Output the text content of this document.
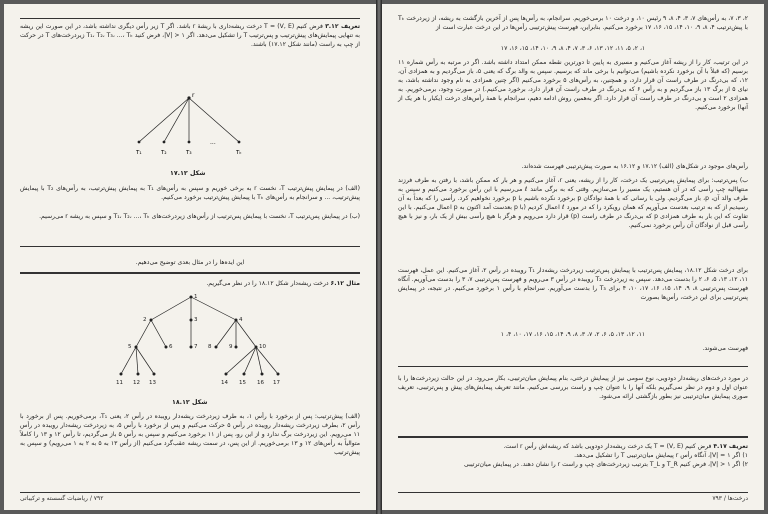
تعریف ۳.۱۲ فرض کنیم (T = (V, E درخت ریشه‌داری با ریشهٔ r باشد. اگر T زیر رأس دیگری نداشته باشد، در این صورت این ریشه به تنهایی پیمایش‌های پیش‌ترتیب و پس‌ترتیب T را تشکیل می‌دهد. اگر ۱ < |V|، فرض کنید T₁، T₂، T₃، ...، Tₖ زیردرخت‌های T در حرکت از چپ به راست (مانند شکل ۱۷.۱۲) باشند.

r
T₁	T₂	T₃
...
Tₖ
شکل ۱۷.۱۲

(الف) در پیمایش پیش‌ترتیب T، نخست r به برخی خوریم و سپس به رأس‌های T₁ به پیمایش پیش‌ترتیب، به رأس‌های T₂ با پیمایش پیش‌ترتیب، ... و سرانجام به رأس‌های Tₖ با پیمایش پیش‌ترتیب برخورد می‌کنیم.

(ب) در پیمایش پس‌ترتیب T، نخست با پیمایش پس‌ترتیب از رأس‌های زیردرخت‌های T₁، T₂، ...، Tₖ و سپس به ریشه r می‌رسیم.

این ایده‌ها را در مثال بعدی توضیح می‌دهیم.

مثال ۶.۱۲ درخت ریشه‌دار شکل ۱۸.۱۲ را در نظر می‌گیریم.

1
2	3	4
5	6	7 8	9	10
11 12 13	14 15 16 17
شکل ۱۸.۱۲

(الف) پیش‌ترتیب: پس از برخورد با رأس ۱، به طرف زیردرخت ریشه‌دار رویبده در رأس ۲، یعنی T₁، برمی‌خوریم. پس از برخورد با رأس ۲، بطرف زیردرخت ریشه‌دار رویبده در رأس ۵ حرکت می‌کنیم و پس از برخورد با رأس ۵، به زیردرخت ریشه‌دار رویبده در رأس ۱۱ می‌رویم. این زیردرخت برگ ندارد و از این رو، پس از ۱۱ برخورد می‌کنیم و سپس به رأس ۵ باز می‌گردیم، تا رأس ۱۲ و ۱۳ را کاملاً متوالیاً به رأس‌های ۱۲ و ۱۳ برمی‌خوریم. از این پس، در سمت ریشه عقب‌گرد می‌کنیم (از رأس ۱۳ به ۵ به ۲ به ۱ می‌رویم) و سپس به پیش‌ترتیب

۷۹۲ / ریاضیات گسسته و ترکیباتی

۲، ۳، ۷، به رأس‌های ۷، ۳، ۴، ۸، ۹ رئیس ۱۰، و درخت ۱۰ برمی‌خوریم. سرانجام، به رأس‌ها پس از آخرین بازگشت به ریشه، از زیردرخت Tₖ با پیش‌ترتیب ۴، ۸، ۹، ۱۰، ۱۴، ۱۵، ۱۶، ۱۷ برخورد می‌کنیم. بنابراین، فهرست پیش‌ترتیبی رأس‌ها در این درخت عبارت است از

۱، ۲، ۵، ۱۱، ۱۲، ۱۳، ۶، ۳، ۷، ۴، ۸، ۹، ۱۰، ۱۴، ۱۵، ۱۶، ۱۷

در این ترتیب، کار را از ریشه آغاز می‌کنیم و مسیری به پایین تا دورترین نقطه ممکن امتداد داشته باشد. اگر در مرتبه به رأس شماره ۱۱ برسیم (که قبلاً با آن برخورد نکرده باشیم) می‌توانیم با برخی ماند که برسیم. سپس به والد برگ که یعنی ۵، باز می‌گردیم و به همزادی آن، ۱۲، که بی‌درنگ در طرف راست آن قرار دارد، و همچنین، به رأس‌های ۵ برخورد می‌کنیم (اگر چنین همزادی به نام وجود نداشته باشد، به نیای ۵ از برگ ۱۳ باز می‌گردیم و به رأس ۶ که بی‌درنگ در طرف راست آن قرار دارد، برخورد می‌کنیم.) در صورت وجود، برمی‌خوریم. به همزادی ۲ است و بی‌درنگ در طرف راست آن قرار دارد. اگر به‌همین روش ادامه دهیم، سرانجام با همهٔ رأس‌های درخت (یکبار با هر یک از آنها) برخورد می‌کنیم.

رأس‌های موجود در شکل‌های (الف) ۱۷.۱۲ و ۱۶.۱۲ به صورت پیش‌ترتیبی فهرست شده‌اند.

ب) پس‌ترتیب: برای پیمایش پس‌ترتیبی یک درخت، کار را از ریشه، یعنی r، آغاز می‌کنیم و هر بار که ممکن باشد، با رفتن به طرف فرزند منتهاالیه چپ رأسی که در آن هستیم، یک مسیر را می‌سازیم. وقتی که به برگی مانند ℓ می‌رسیم با این رأس برخورد می‌کنیم و سپس به طرف والد آن، p، باز می‌گردیم. ولی با رسانی که با همهٔ نوادگان p برخورد نکرده باشیم با p برخورد نخواهیم کرد. رأسی را که بعداً به آن رسیدیم از که به ترتیب بعدست می‌آوریم که همان رویکرد را که در مورد ℓ اعمال کردیم (با p بعدست آمد اکنون به p اعمال می‌کنیم. با این تفاوت که این بار به طرف همزادی p که بی‌درنگ در طرف راست (p) قرار دارد می‌رویم و هرگز با هیچ رأسی بیش از یک بار، و نیز با هیچ رأسی قبل از نوادگان آن رأس برخورد نمی‌کنیم.

برای درخت شکل ۱۸.۱۲، پیمایش پس‌ترتیب با پیمایش پس‌ترتیب زیردرخت ریشه‌دار T₁ رویبده در رأس ۲، آغاز می‌کنیم. این عمل، فهرست ۱۱، ۱۲، ۱۳، ۵، ۶، ۲ را بدست می‌دهد. سپس به زیردرخت T₂ رویبده در رأس ۳ می‌رویم و فهرست پس‌ترتیبی ۷، ۳ را بدست می‌آوریم. آنگاه فهرست پس‌ترتیبی ۸، ۹، ۱۴، ۱۵، ۱۶، ۱۷، ۱۰، ۴ برای T₃ را بدست می‌آوریم. سرانجام با رأس ۱ برخورد می‌کنیم. در نتیجه، در پیمایش پس‌ترتیبی برای این درخت، رأس‌ها بصورت

۱۱، ۱۲، ۱۳، ۵، ۶، ۲، ۷، ۳، ۸، ۹، ۱۴، ۱۵، ۱۶، ۱۷، ۱۰، ۴، ۱

فهرست می‌شوند.

در مورد درخت‌های ریشه‌دار دودویی، نوع سومی نیز از پیمایش درختی، بنام پیمایش میان‌ترتیبی، بکار می‌رود. در این حالت زیردرخت‌ها را با عنوان اول و دوم در نظر نمی‌گیریم بلکه آنها را با عنوان چپ و راست بررسی می‌کنیم. مانند تعریف پیمایش‌های پیش و پس‌ترتیبی، تعریف صوری پیمایش میان‌ترتیبی نیز بطور بازگشتی ارائه می‌شود.

تعریف ۴.۱۷ فرض کنیم (T = (V, E یک درخت ریشه‌دار دودویی باشد که ریشه‌اش رأس r است.

۱) اگر ۱ = |V|، آنگاه رأس r پیمایش میان‌ترتیبی T را تشکیل می‌دهد.

۲) اگر ۱ < |V|، فرض کنیم T_R و T_L بترتیب زیردرخت‌های چپ و راست r را نشان دهند. در پیمایش میان‌ترتیبی

درخت‌ها / ۷۹۳
